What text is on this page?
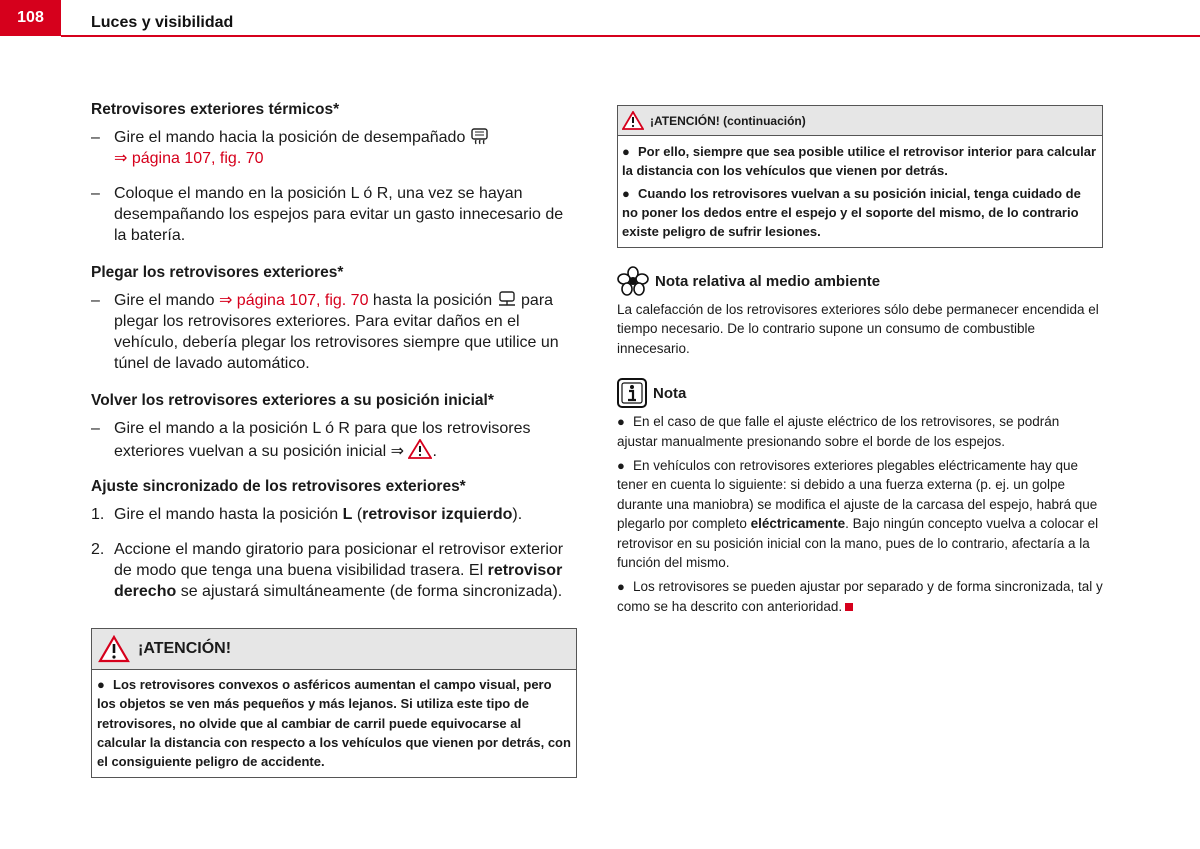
108	Luces y visibilidad
Retrovisores exteriores térmicos*
– Gire el mando hacia la posición de desempañado
⇒ página 107, fig. 70
– Coloque el mando en la posición L ó R, una vez se hayan desempañando los espejos para evitar un gasto innecesario de la batería.
Plegar los retrovisores exteriores*
– Gire el mando ⇒ página 107, fig. 70 hasta la posición para plegar los retrovisores exteriores. Para evitar daños en el vehículo, debería plegar los retrovisores siempre que utilice un túnel de lavado automático.
Volver los retrovisores exteriores a su posición inicial*
– Gire el mando a la posición L ó R para que los retrovisores exteriores vuelvan a su posición inicial ⇒ .
Ajuste sincronizado de los retrovisores exteriores*
1. Gire el mando hasta la posición L (retrovisor izquierdo).
2. Accione el mando giratorio para posicionar el retrovisor exterior de modo que tenga una buena visibilidad trasera. El retrovisor derecho se ajustará simultáneamente (de forma sincronizada).
¡ATENCIÓN!
● Los retrovisores convexos o asféricos aumentan el campo visual, pero los objetos se ven más pequeños y más lejanos. Si utiliza este tipo de retrovisores, no olvide que al cambiar de carril puede equivocarse al calcular la distancia con respecto a los vehículos que vienen por detrás, con el consiguiente peligro de accidente.
¡ATENCIÓN! (continuación)

● Por ello, siempre que sea posible utilice el retrovisor interior para calcular la distancia con los vehículos que vienen por detrás.

● Cuando los retrovisores vuelvan a su posición inicial, tenga cuidado de no poner los dedos entre el espejo y el soporte del mismo, de lo contrario existe peligro de sufrir lesiones.

Nota relativa al medio ambiente
La calefacción de los retrovisores exteriores sólo debe permanecer encendida el tiempo necesario. De lo contrario supone un consumo de combustible innecesario.
Nota

● En el caso de que falle el ajuste eléctrico de los retrovisores, se podrán ajustar manualmente presionando sobre el borde de los espejos.

● En vehículos con retrovisores exteriores plegables eléctricamente hay que tener en cuenta lo siguiente: si debido a una fuerza externa (p. ej. un golpe durante una maniobra) se modifica el ajuste de la carcasa del espejo, habrá que plegarlo por completo eléctricamente. Bajo ningún concepto vuelva a colocar el retrovisor en su posición inicial con la mano, pues de lo contrario, afectaría a la función del mismo.

● Los retrovisores se pueden ajustar por separado y de forma sincronizada, tal y como se ha descrito con anterioridad.
